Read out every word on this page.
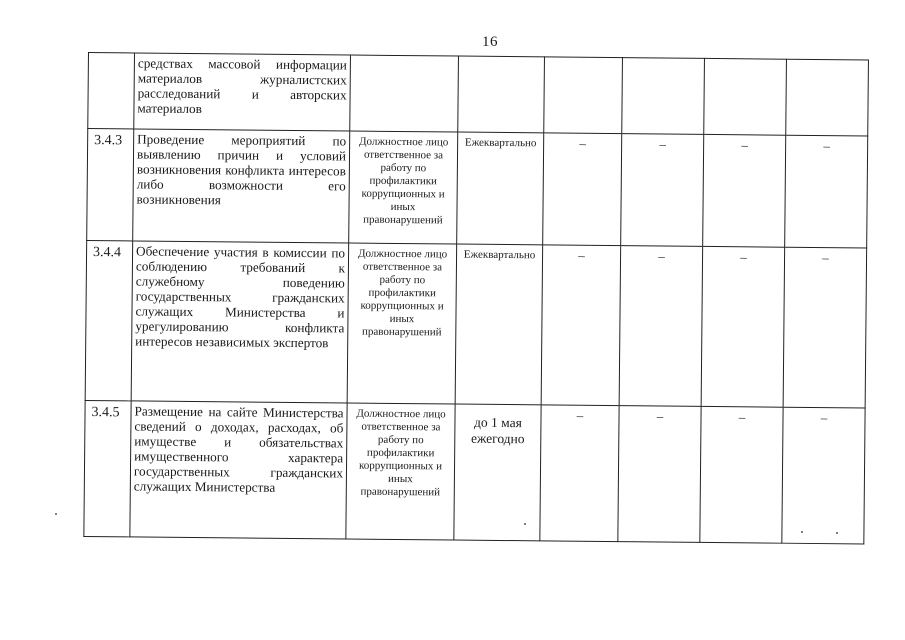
16
	средствах массовой информации материалов журналистских расследований и авторских материалов						
3.4.3	Проведение мероприятий по выявлению причин и условий возникновения конфликта интересов либо возможности его возникновения	Должностное лицо ответственное за работу по профилактики коррупционных и иных правонарушений	Ежеквартально	–	–	–	–
3.4.4	Обеспечение участия в комиссии по соблюдению требований к служебному поведению государственных гражданских служащих Министерства и урегулированию конфликта интересов независимых экспертов	Должностное лицо ответственное за работу по профилактики коррупционных и иных правонарушений	Ежеквартально	–	–	–	–
3.4.5	Размещение на сайте Министерства сведений о доходах, расходах, об имуществе и обязательствах имущественного характера государственных гражданских служащих Министерства	Должностное лицо ответственное за работу по профилактики коррупционных и иных правонарушений	до 1 мая ежегодно	–	–	–	–
